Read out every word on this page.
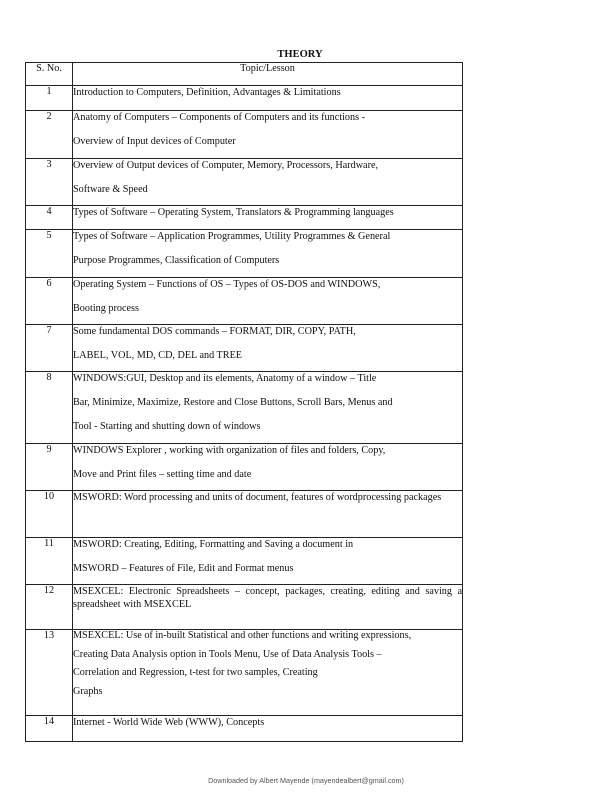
THEORY
S. No.	Topic/Lesson
1	Introduction to Computers, Definition, Advantages & Limitations

2	Anatomy of Computers – Components of Computers and its functions -
Overview of Input devices of Computer

3	Overview of Output devices of Computer, Memory, Processors, Hardware,
Software & Speed

4	Types of Software – Operating System, Translators & Programming languages

5	Types of Software – Application Programmes, Utility Programmes & General
Purpose Programmes, Classification of Computers

6	Operating System – Functions of OS – Types of OS-DOS and WINDOWS,
Booting process

7	Some fundamental DOS commands – FORMAT, DIR, COPY, PATH,
LABEL, VOL, MD, CD, DEL and TREE

8	WINDOWS:GUI, Desktop and its elements, Anatomy of a window – Title
Bar, Minimize, Maximize, Restore and Close Buttons, Scroll Bars, Menus and
Tool - Starting and shutting down of windows

9	WINDOWS Explorer , working with organization of files and folders, Copy,
Move and Print files – setting time and date

10	MSWORD: Word processing and units of document, features of wordprocessing packages

11	MSWORD: Creating, Editing, Formatting and Saving a document in
MSWORD – Features of File, Edit and Format menus

12	MSEXCEL: Electronic Spreadsheets – concept, packages, creating, editing and saving a spreadsheet with MSEXCEL

13	MSEXCEL: Use of in-built Statistical and other functions and writing expressions,
Creating Data Analysis option in Tools Menu, Use of Data Analysis Tools –
Correlation and Regression, t-test for two samples, Creating
Graphs

14	Internet - World Wide Web (WWW), Concepts
Downloaded by Albert Mayende (mayendealbert@gmail.com)
